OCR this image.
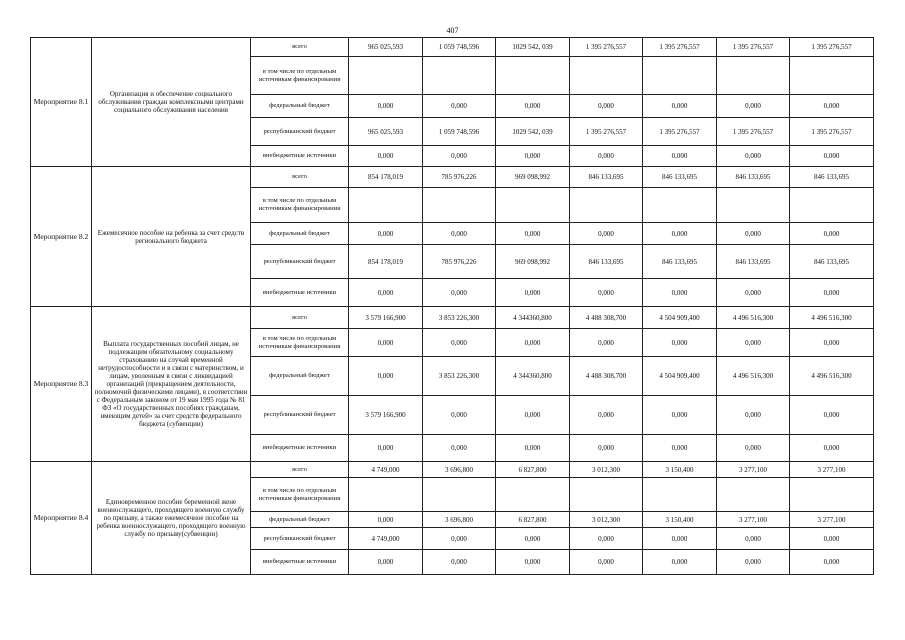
407
Мероприятие 8.1	Организация и обеспечение социального обслуживания граждан комплексными центрами социального обслуживания населения	всего	965 025,593	1 059 748,596	1029 542, 039	1 395 276,557	1 395 276,557	1 395 276,557	1 395 276,557
		в том числе по отдельным источникам финансирования							
		федеральный бюджет	0,000	0,000	0,000	0,000	0,000	0,000	0,000
		республиканский бюджет	965 025,593	1 059 748,596	1029 542, 039	1 395 276,557	1 395 276,557	1 395 276,557	1 395 276,557
		внебюджетные источники	0,000	0,000	0,000	0,000	0,000	0,000	0,000
Мероприятие 8.2	Ежемесячное пособие на ребенка за счет средств регионального бюджета	всего	854 178,019	785 976,226	969 098,992	846 133,695	846 133,695	846 133,695	846 133,695
		в том числе по отдельным источникам финансирования							
		федеральный бюджет	0,000	0,000	0,000	0,000	0,000	0,000	0,000
		республиканский бюджет	854 178,019	785 976,226	969 098,992	846 133,695	846 133,695	846 133,695	846 133,695
		внебюджетные источники	0,000	0,000	0,000	0,000	0,000	0,000	0,000
Мероприятие 8.3	Выплата государственных пособий лицам, не подлежащим обязательному социальному страхованию на случай временной нетрудоспособности и в связи с материнством, и лицам, уволенным в связи с ликвидацией организаций (прекращением деятельности, полномочий физическими лицами), в соответствии с Федеральным законом от 19 мая 1995 года № 81 ФЗ «О государственных пособиях гражданам, имеющим детей» за счет средств федерального бюджета (субвенции)	всего	3 579 166,900	3 853 226,300	4 344360,800	4 488 308,700	4 504 909,400	4 496 516,300	4 496 516,300
		в том числе по отдельным источникам финансирования	0,000	0,000	0,000	0,000	0,000	0,000	0,000
		федеральный бюджет	0,000	3 853 226,300	4 344360,800	4 488 308,700	4 504 909,400	4 496 516,300	4 496 516,300
		республиканский бюджет	3 579 166,900	0,000	0,000	0,000	0,000	0,000	0,000
		внебюджетные источники	0,000	0,000	0,000	0,000	0,000	0,000	0,000
Мероприятие 8.4	Единовременное пособие беременной жене военнослужащего, проходящего военную службу по призыву, а также ежемесячное пособие на ребенка военнослужащего, проходящего военную службу по призыву(субвенции)	всего	4 749,000	3 696,800	6 827,800	3 012,300	3 150,400	3 277,100	3 277,100
		в том числе по отдельным источникам финансирования							
		федеральный бюджет	0,000	3 696,800	6 827,800	3 012,300	3 150,400	3 277,100	3 277,100
		республиканский бюджет	4 749,000	0,000	0,000	0,000	0,000	0,000	0,000
		внебюджетные источники	0,000	0,000	0,000	0,000	0,000	0,000	0,000
